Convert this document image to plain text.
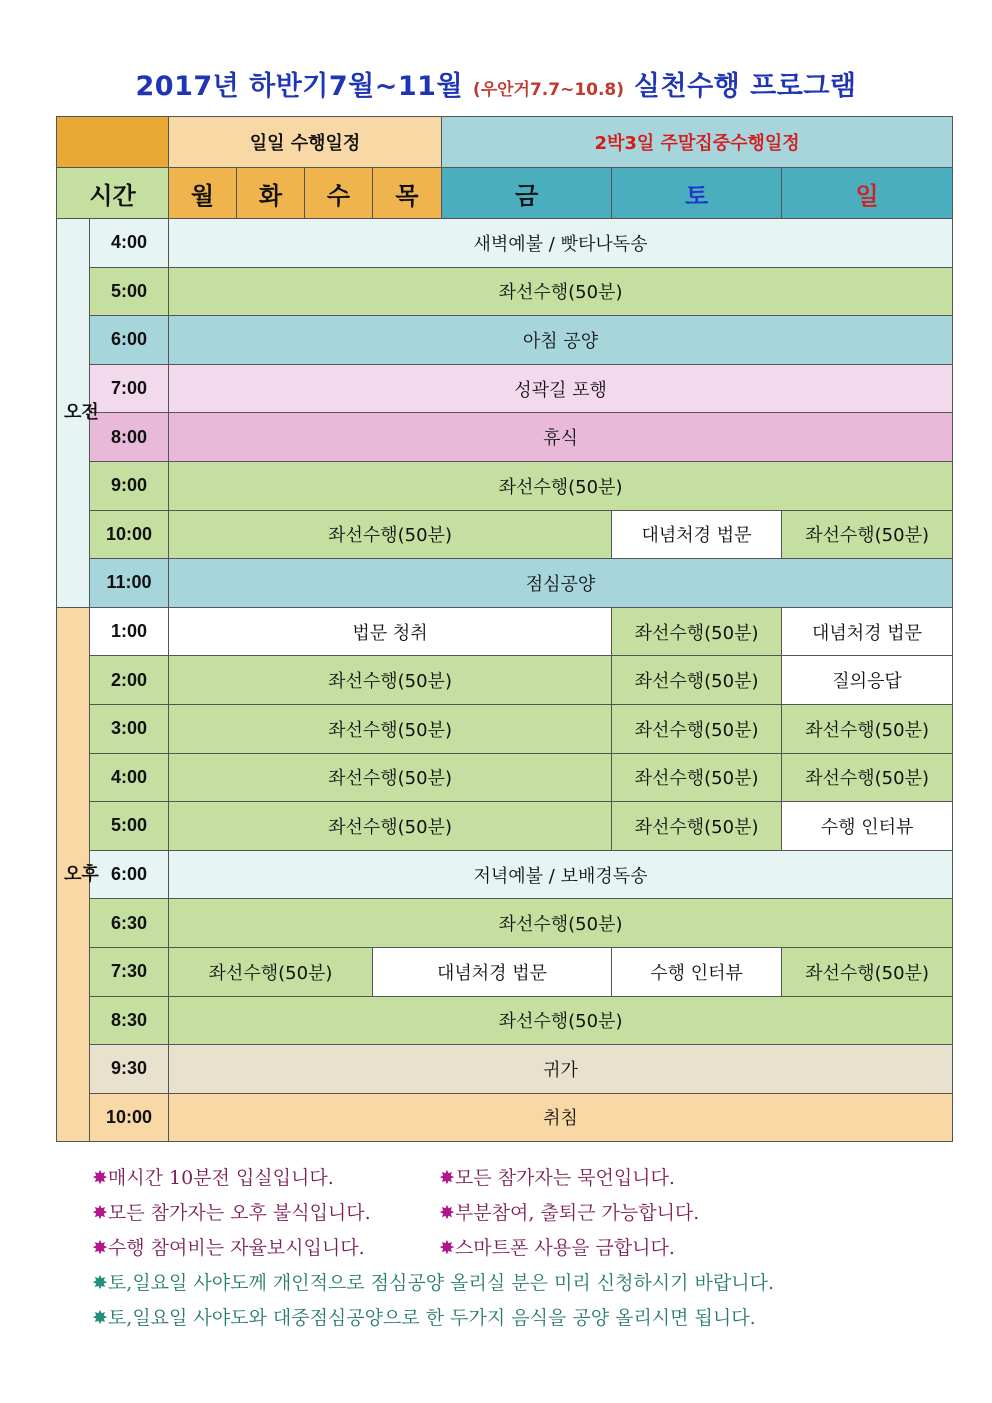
2017년 하반기7월~11월 (우안거7.7~10.8) 실천수행 프로그램
		일일 수행일정				2박3일 주말집중수행일정		
시간		월	화	수	목	금	토	일
오전	4:00	새벽예불 / 빳타나독송						
	5:00	좌선수행(50분)						
	6:00	아침 공양						
	7:00	성곽길 포행						
	8:00	휴식						
	9:00	좌선수행(50분)						
	10:00	좌선수행(50분)					대념처경 법문	좌선수행(50분)
	11:00	점심공양						
오후	1:00	법문 청취					좌선수행(50분)	대념처경 법문
	2:00	좌선수행(50분)					좌선수행(50분)	질의응답
	3:00	좌선수행(50분)					좌선수행(50분)	좌선수행(50분)
	4:00	좌선수행(50분)					좌선수행(50분)	좌선수행(50분)
	5:00	좌선수행(50분)					좌선수행(50분)	수행 인터뷰
	6:00	저녁예불 / 보배경독송						
	6:30	좌선수행(50분)						
	7:30	좌선수행(50분)			대념처경 법문		수행 인터뷰	좌선수행(50분)
	8:30	좌선수행(50분)						
	9:30	귀가						
	10:00	취침						
✸매시간 10분전 입실입니다.	✸모든 참가자는 묵언입니다.
✸모든 참가자는 오후 불식입니다.	✸부분참여, 출퇴근 가능합니다.
✸수행 참여비는 자율보시입니다.	✸스마트폰 사용을 금합니다.
✸토,일요일 사야도께 개인적으로 점심공양 올리실 분은 미리 신청하시기 바랍니다.
✸토,일요일 사야도와 대중점심공양으로 한 두가지 음식을 공양 올리시면 됩니다.
